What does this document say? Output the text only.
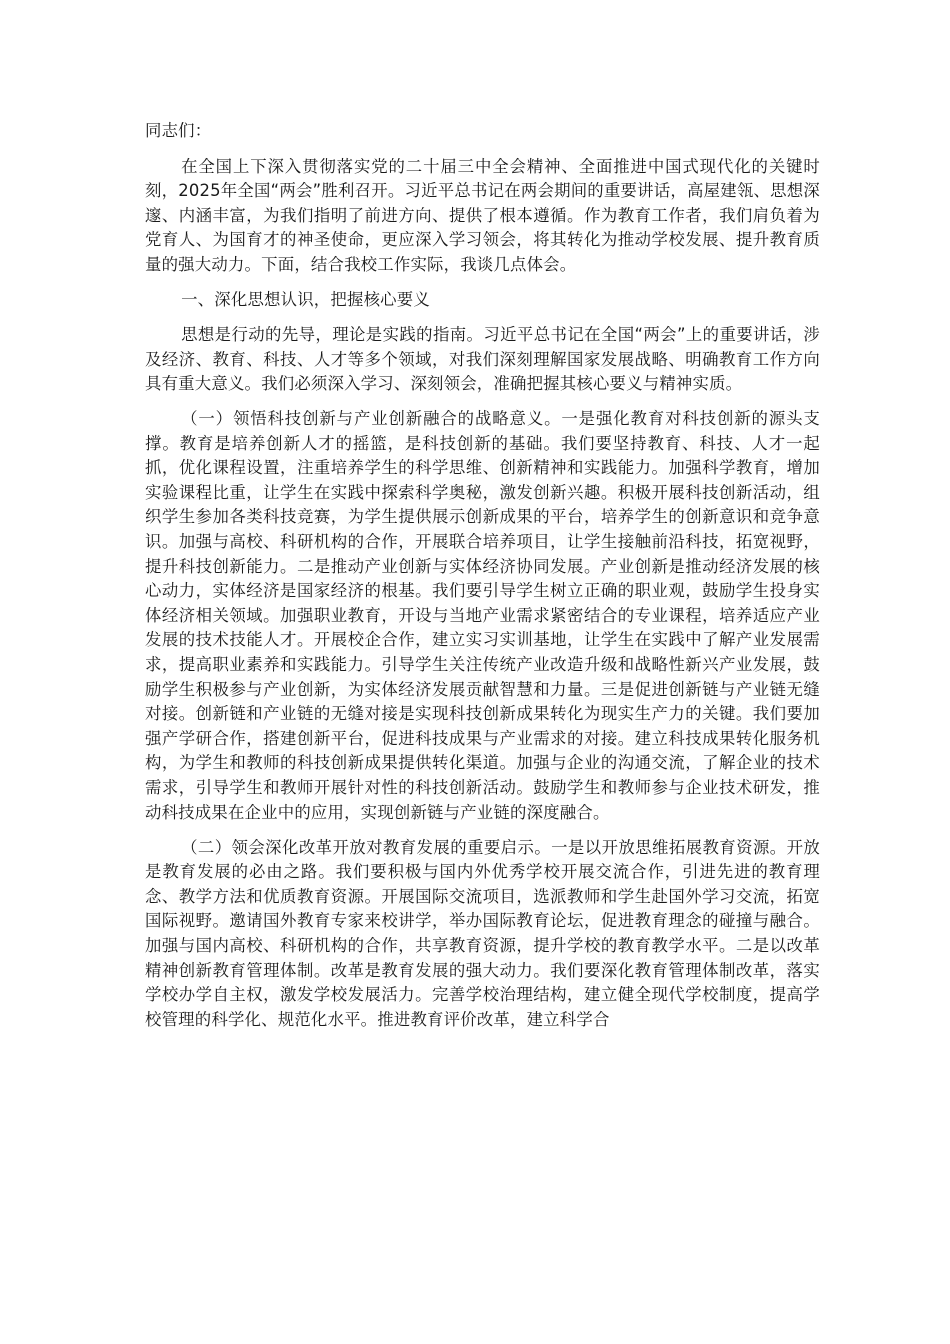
同志们：

在全国上下深入贯彻落实党的二十届三中全会精神、全面推进中国式现代化的关键时刻，2025年全国“两会”胜利召开。习近平总书记在两会期间的重要讲话，高屋建瓴、思想深邃、内涵丰富，为我们指明了前进方向、提供了根本遵循。作为教育工作者，我们肩负着为党育人、为国育才的神圣使命，更应深入学习领会，将其转化为推动学校发展、提升教育质量的强大动力。下面，结合我校工作实际，我谈几点体会。

一、深化思想认识，把握核心要义

思想是行动的先导，理论是实践的指南。习近平总书记在全国“两会”上的重要讲话，涉及经济、教育、科技、人才等多个领域，对我们深刻理解国家发展战略、明确教育工作方向具有重大意义。我们必须深入学习、深刻领会，准确把握其核心要义与精神实质。

（一）领悟科技创新与产业创新融合的战略意义。一是强化教育对科技创新的源头支撑。教育是培养创新人才的摇篮，是科技创新的基础。我们要坚持教育、科技、人才一起抓，优化课程设置，注重培养学生的科学思维、创新精神和实践能力。加强科学教育，增加实验课程比重，让学生在实践中探索科学奥秘，激发创新兴趣。积极开展科技创新活动，组织学生参加各类科技竞赛，为学生提供展示创新成果的平台，培养学生的创新意识和竞争意识。加强与高校、科研机构的合作，开展联合培养项目，让学生接触前沿科技，拓宽视野，提升科技创新能力。二是推动产业创新与实体经济协同发展。产业创新是推动经济发展的核心动力，实体经济是国家经济的根基。我们要引导学生树立正确的职业观，鼓励学生投身实体经济相关领域。加强职业教育，开设与当地产业需求紧密结合的专业课程，培养适应产业发展的技术技能人才。开展校企合作，建立实习实训基地，让学生在实践中了解产业发展需求，提高职业素养和实践能力。引导学生关注传统产业改造升级和战略性新兴产业发展，鼓励学生积极参与产业创新，为实体经济发展贡献智慧和力量。三是促进创新链与产业链无缝对接。创新链和产业链的无缝对接是实现科技创新成果转化为现实生产力的关键。我们要加强产学研合作，搭建创新平台，促进科技成果与产业需求的对接。建立科技成果转化服务机构，为学生和教师的科技创新成果提供转化渠道。加强与企业的沟通交流，了解企业的技术需求，引导学生和教师开展针对性的科技创新活动。鼓励学生和教师参与企业技术研发，推动科技成果在企业中的应用，实现创新链与产业链的深度融合。

（二）领会深化改革开放对教育发展的重要启示。一是以开放思维拓展教育资源。开放是教育发展的必由之路。我们要积极与国内外优秀学校开展交流合作，引进先进的教育理念、教学方法和优质教育资源。开展国际交流项目，选派教师和学生赴国外学习交流，拓宽国际视野。邀请国外教育专家来校讲学，举办国际教育论坛，促进教育理念的碰撞与融合。加强与国内高校、科研机构的合作，共享教育资源，提升学校的教育教学水平。二是以改革精神创新教育管理体制。改革是教育发展的强大动力。我们要深化教育管理体制改革，落实学校办学自主权，激发学校发展活力。完善学校治理结构，建立健全现代学校制度，提高学校管理的科学化、规范化水平。推进教育评价改革，建立科学合
